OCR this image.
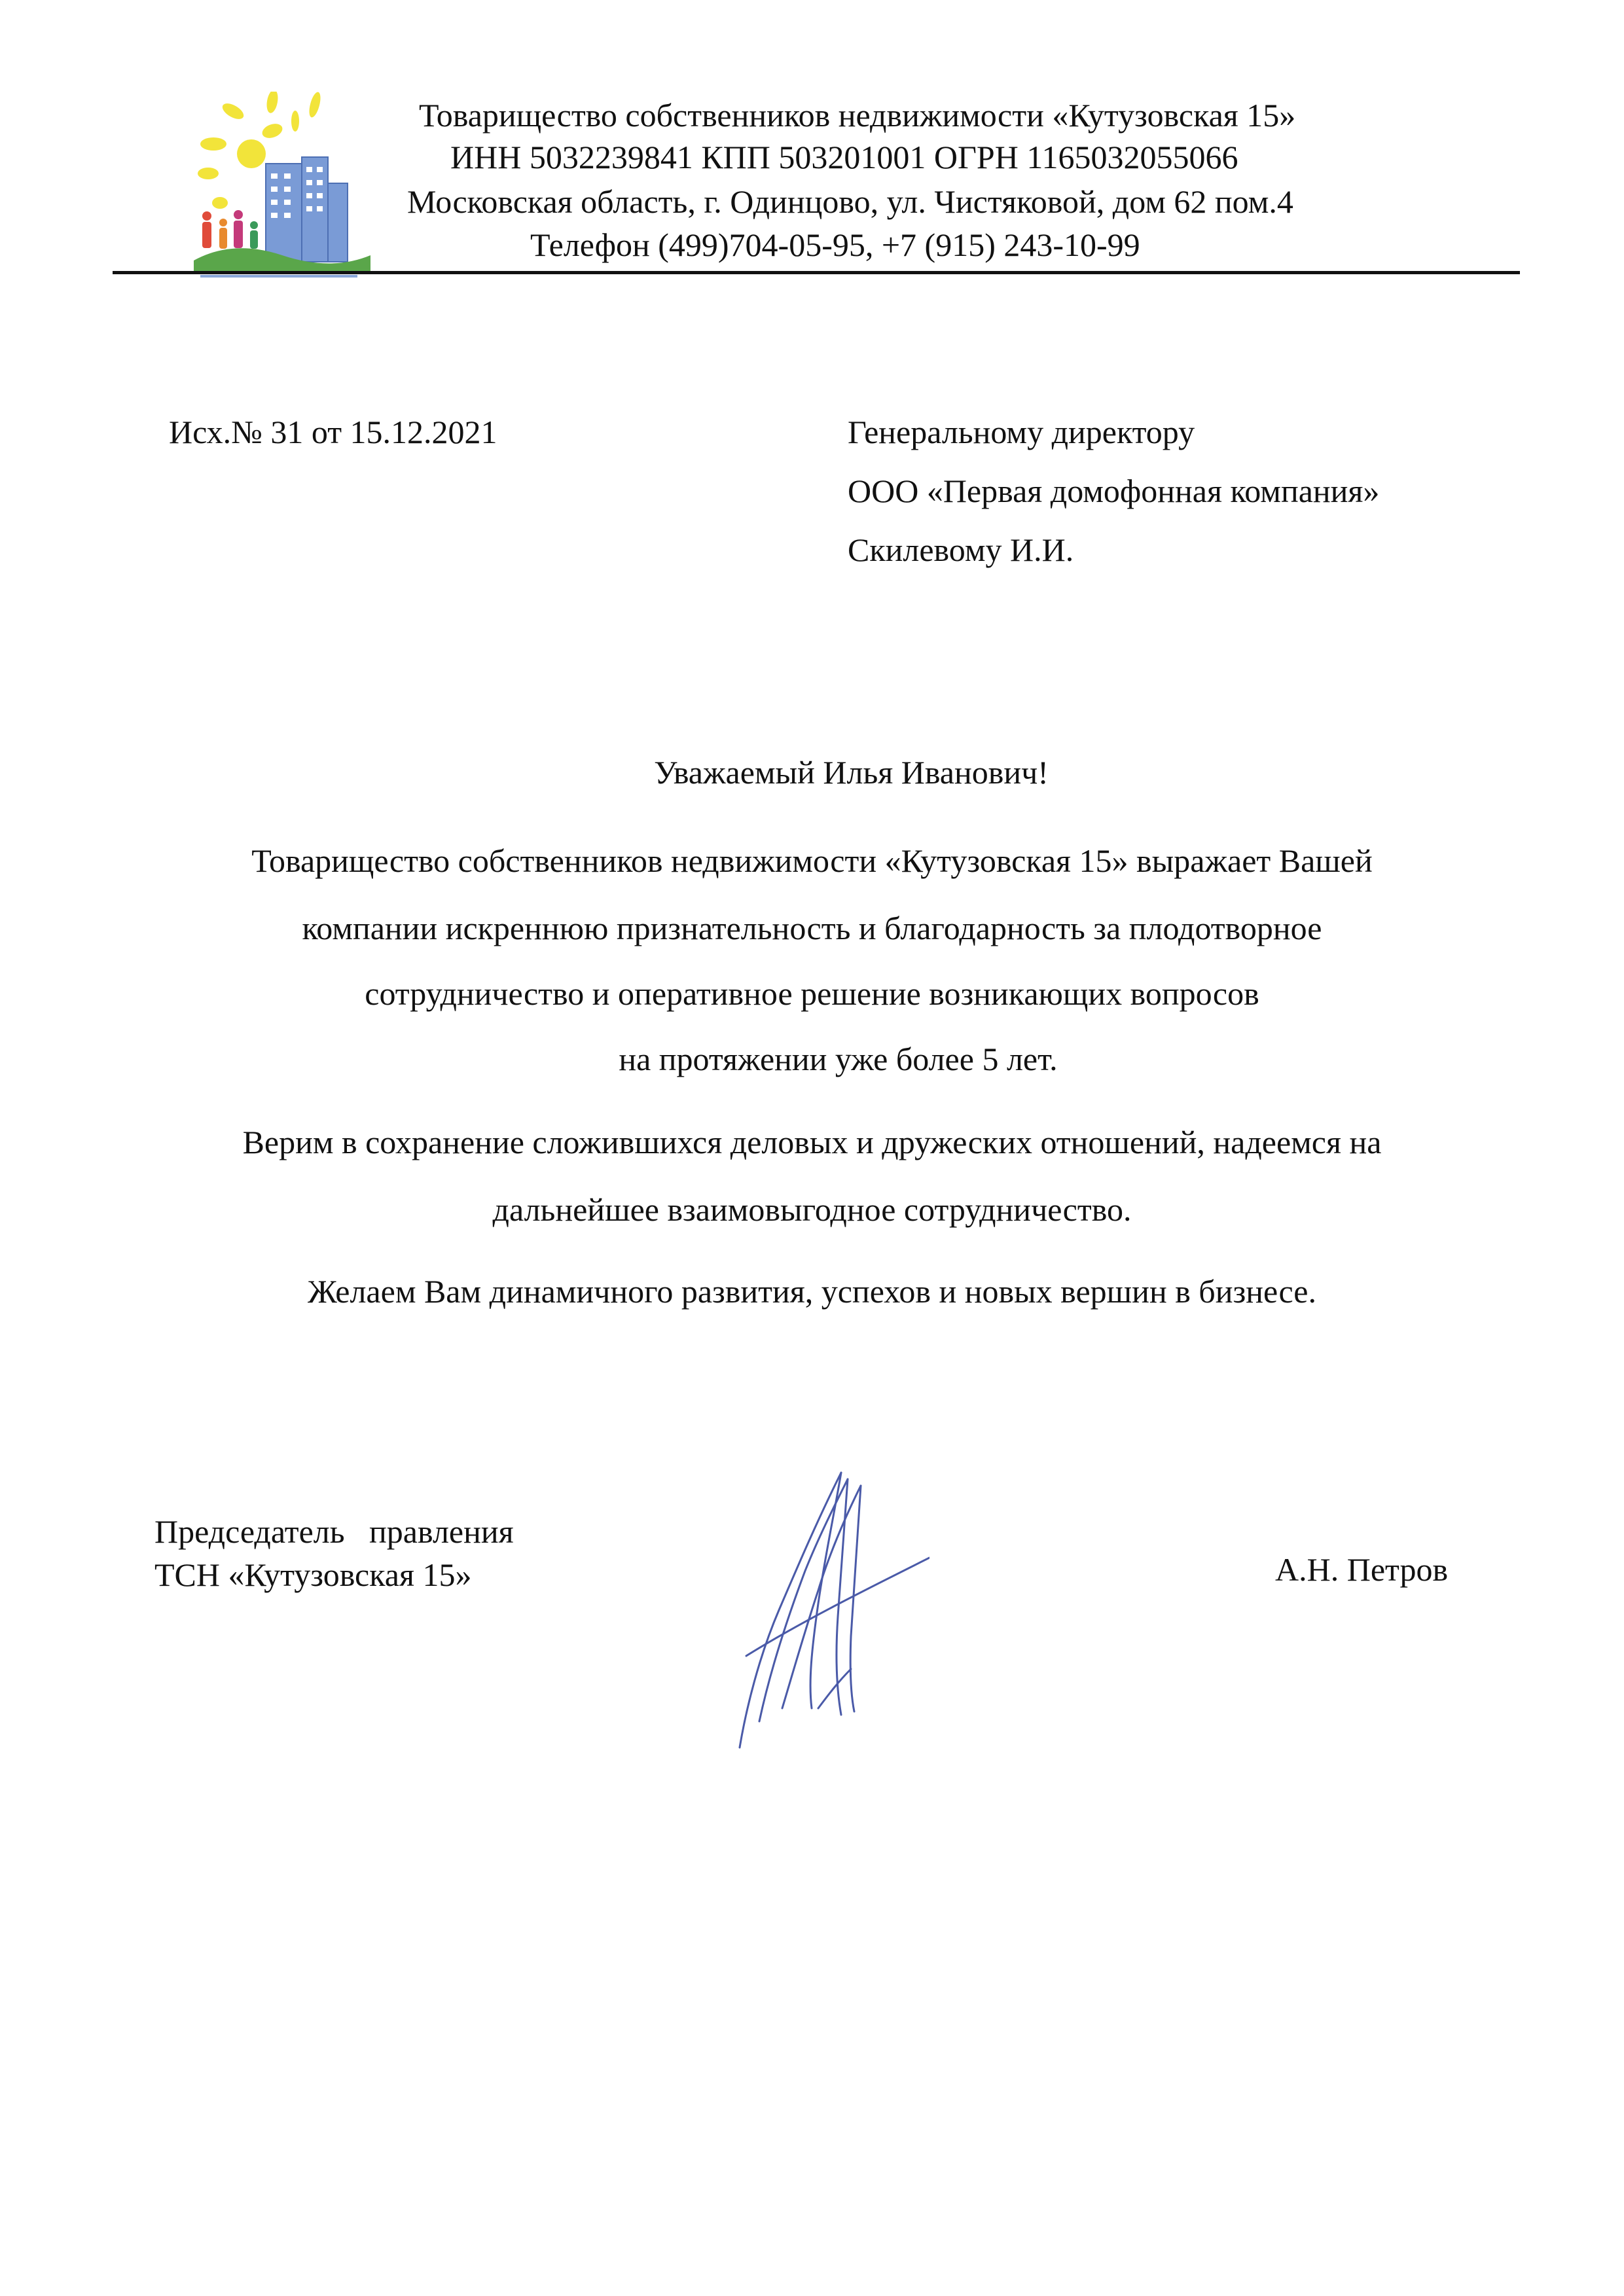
Товарищество собственников недвижимости «Кутузовская 15»
ИНН 5032239841 КПП 503201001 ОГРН 1165032055066
Московская область, г. Одинцово, ул. Чистяковой, дом 62 пом.4
Телефон (499)704-05-95, +7 (915) 243-10-99
Исх.№ 31 от 15.12.2021	Генеральному директору
ООО «Первая домофонная компания»
Скилевому И.И.
Уважаемый Илья Иванович!
Товарищество собственников недвижимости «Кутузовская 15» выражает Вашей
компании искреннюю признательность и благодарность за плодотворное
сотрудничество и оперативное решение возникающих вопросов
на протяжении уже более 5 лет.
Верим в сохранение сложившихся деловых и дружеских отношений, надеемся на
дальнейшее взаимовыгодное сотрудничество.
Желаем Вам динамичного развития, успехов и новых вершин в бизнесе.
Председатель   правления
ТСН «Кутузовская 15»	А.Н. Петров
